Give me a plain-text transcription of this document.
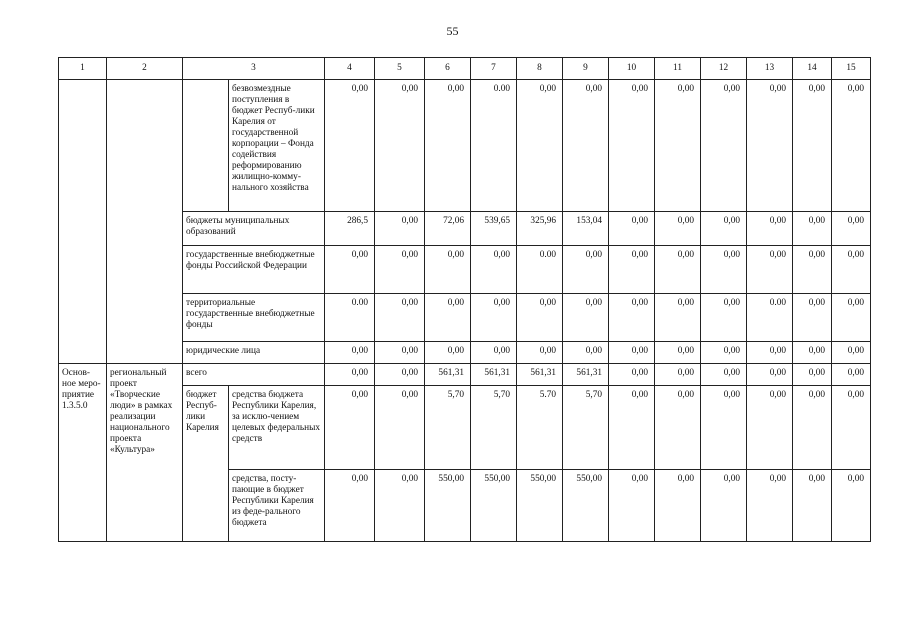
55
1	2	3		4	5	6	7	8	9	10	11	12	13	14	15
			безвозмездные поступления в бюджет Респуб-лики Карелия от государственной корпорации – Фонда содействия реформированию жилищно-комму-нального хозяйства	0,00	0,00	0,00	0.00	0,00	0,00	0,00	0,00	0,00	0,00	0,00	0,00
		бюджеты муниципальных образований		286,5	0,00	72,06	539,65	325,96	153,04	0,00	0,00	0,00	0,00	0,00	0,00
		государственные внебюджетные фонды Российской Федерации		0,00	0,00	0,00	0,00	0.00	0,00	0,00	0,00	0,00	0,00	0,00	0,00
		территориальные государственные внебюджетные фонды		0.00	0,00	0,00	0,00	0,00	0,00	0,00	0,00	0,00	0.00	0,00	0,00
		юридические лица		0,00	0,00	0,00	0,00	0,00	0,00	0,00	0,00	0,00	0,00	0,00	0,00
Основ-ное меро-приятие 1.3.5.0	региональный проект «Творческие люди» в рамках реализации национального проекта «Культура»	всего		0,00	0,00	561,31	561,31	561,31	561,31	0,00	0,00	0,00	0,00	0,00	0,00
		бюджет Респуб-лики Карелия	средства бюджета Республики Карелия, за исклю-чением целевых федеральных средств	0,00	0,00	5,70	5,70	5.70	5,70	0,00	0,00	0,00	0,00	0,00	0,00
			средства, посту-пающие в бюджет Республики Карелия из феде-рального бюджета	0,00	0,00	550,00	550,00	550,00	550,00	0,00	0,00	0,00	0,00	0,00	0,00
